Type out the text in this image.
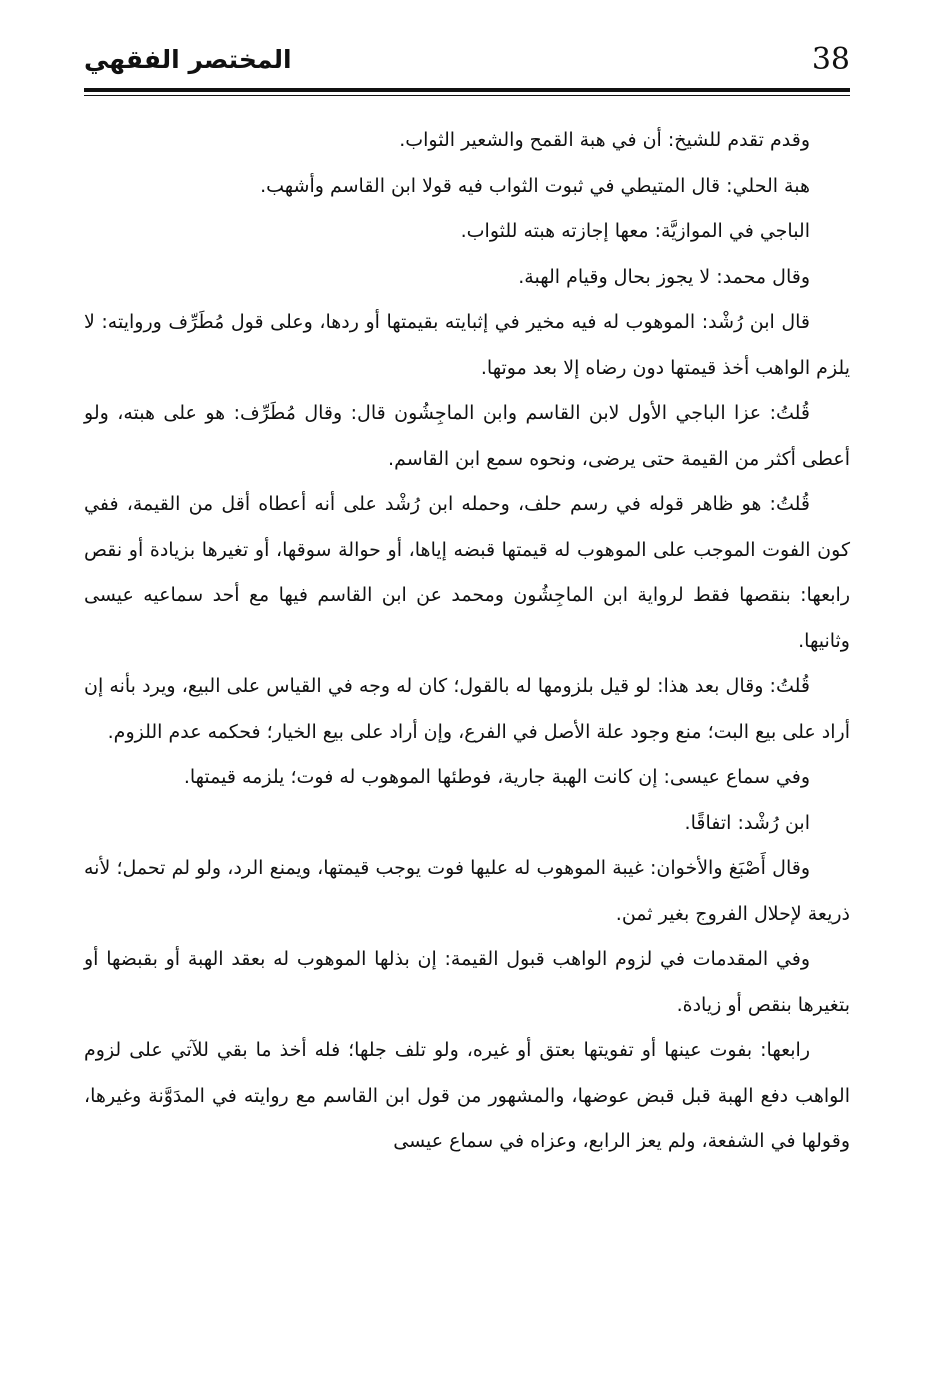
38
المختصر الفقهي

وقدم تقدم للشيخ: أن في هبة القمح والشعير الثواب.

هبة الحلي: قال المتيطي في ثبوت الثواب فيه قولا ابن القاسم وأشهب.

الباجي في الموازيَّة: معها إجازته هبته للثواب.

وقال محمد: لا يجوز بحال وقيام الهبة.

قال ابن رُشْد: الموهوب له فيه مخير في إثبايته بقيمتها أو ردها، وعلى قول مُطَرِّف وروايته: لا يلزم الواهب أخذ قيمتها دون رضاه إلا بعد موتها.

قُلتُ: عزا الباجي الأول لابن القاسم وابن الماجِشُون قال: وقال مُطَرِّف: هو على هبته، ولو أعطى أكثر من القيمة حتى يرضى، ونحوه سمع ابن القاسم.

قُلتُ: هو ظاهر قوله في رسم حلف، وحمله ابن رُشْد على أنه أعطاه أقل من القيمة، ففي كون الفوت الموجب على الموهوب له قيمتها قبضه إياها، أو حوالة سوقها، أو تغيرها بزيادة أو نقص رابعها: بنقصها فقط لرواية ابن الماجِشُون ومحمد عن ابن القاسم فيها مع أحد سماعيه عيسى وثانيها.

قُلتُ: وقال بعد هذا: لو قيل بلزومها له بالقول؛ كان له وجه في القياس على البيع، ويرد بأنه إن أراد على بيع البت؛ منع وجود علة الأصل في الفرع، وإن أراد على بيع الخيار؛ فحكمه عدم اللزوم.

وفي سماع عيسى: إن كانت الهبة جارية، فوطئها الموهوب له فوت؛ يلزمه قيمتها.

ابن رُشْد: اتفاقًا.

وقال أَصْبَغ والأخوان: غيبة الموهوب له عليها فوت يوجب قيمتها، ويمنع الرد، ولو لم تحمل؛ لأنه ذريعة لإحلال الفروج بغير ثمن.

وفي المقدمات في لزوم الواهب قبول القيمة: إن بذلها الموهوب له بعقد الهبة أو بقبضها أو بتغيرها بنقص أو زيادة.

رابعها: بفوت عينها أو تفويتها بعتق أو غيره، ولو تلف جلها؛ فله أخذ ما بقي للآتي على لزوم الواهب دفع الهبة قبل قبض عوضها، والمشهور من قول ابن القاسم مع روايته في المدَوَّنة وغيرها، وقولها في الشفعة، ولم يعز الرابع، وعزاه في سماع عيسى
